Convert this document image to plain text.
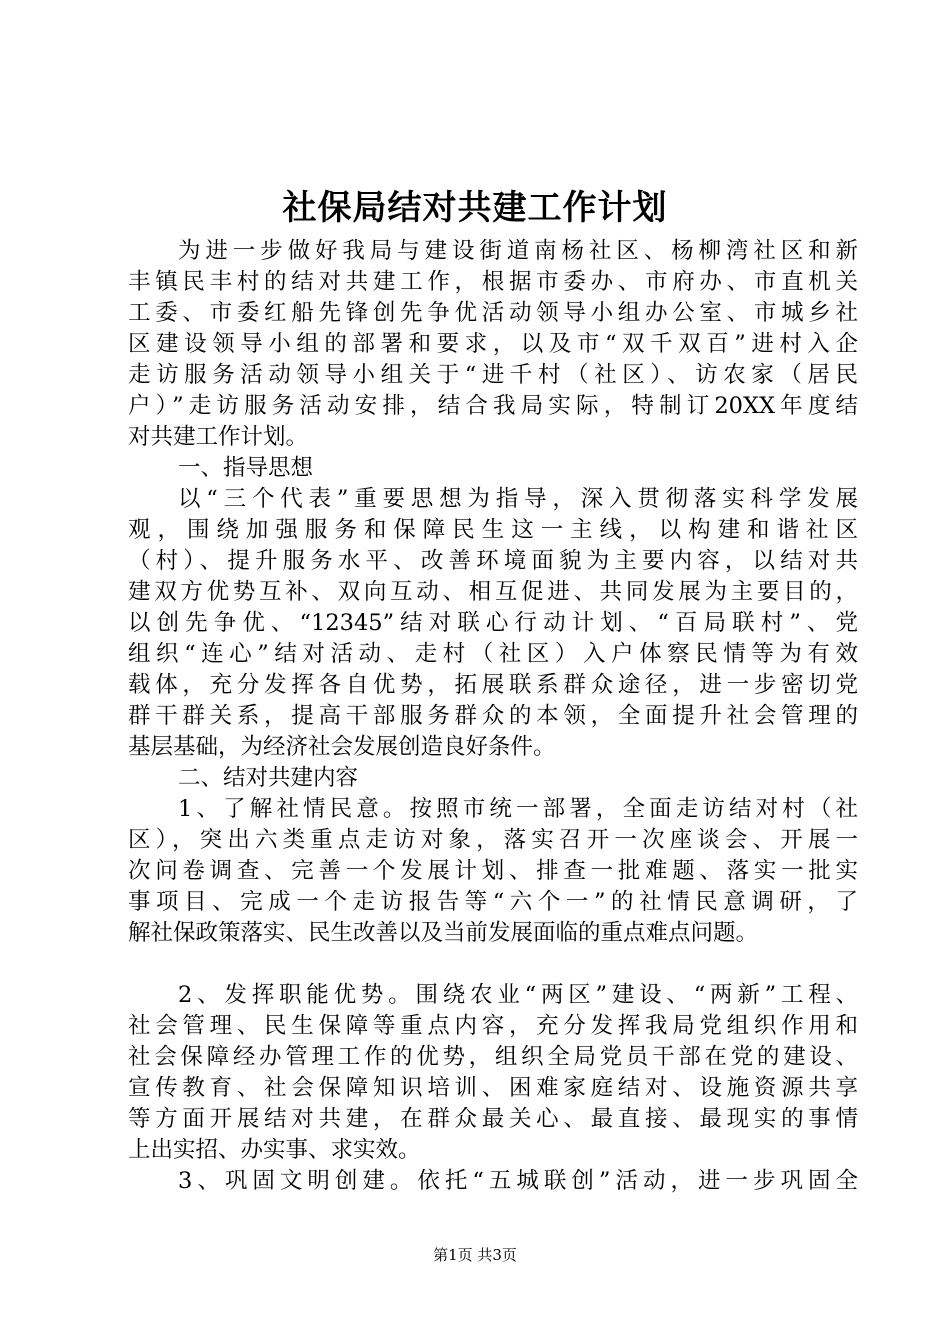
社保局结对共建工作计划
为进一步做好我局与建设街道南杨社区、杨柳湾社区和新
丰镇民丰村的结对共建工作，根据市委办、市府办、市直机关
工委、市委红船先锋创先争优活动领导小组办公室、市城乡社
区建设领导小组的部署和要求，以及市“双千双百”进村入企
走访服务活动领导小组关于“进千村（社区）、访农家（居民
户）”走访服务活动安排，结合我局实际，特制订20XX年度结
对共建工作计划。
一、指导思想
以“三个代表”重要思想为指导，深入贯彻落实科学发展
观，围绕加强服务和保障民生这一主线，以构建和谐社区
（村）、提升服务水平、改善环境面貌为主要内容，以结对共
建双方优势互补、双向互动、相互促进、共同发展为主要目的，
以创先争优、“12345”结对联心行动计划、“百局联村”、党
组织“连心”结对活动、走村（社区）入户体察民情等为有效
载体，充分发挥各自优势，拓展联系群众途径，进一步密切党
群干群关系，提高干部服务群众的本领，全面提升社会管理的
基层基础，为经济社会发展创造良好条件。
二、结对共建内容
1、了解社情民意。按照市统一部署，全面走访结对村（社
区），突出六类重点走访对象，落实召开一次座谈会、开展一
次问卷调查、完善一个发展计划、排查一批难题、落实一批实
事项目、完成一个走访报告等“六个一”的社情民意调研，了
解社保政策落实、民生改善以及当前发展面临的重点难点问题。
2、发挥职能优势。围绕农业“两区”建设、“两新”工程、
社会管理、民生保障等重点内容，充分发挥我局党组织作用和
社会保障经办管理工作的优势，组织全局党员干部在党的建设、
宣传教育、社会保障知识培训、困难家庭结对、设施资源共享
等方面开展结对共建，在群众最关心、最直接、最现实的事情
上出实招、办实事、求实效。
3、巩固文明创建。依托“五城联创”活动，进一步巩固全
第1页 共3页
